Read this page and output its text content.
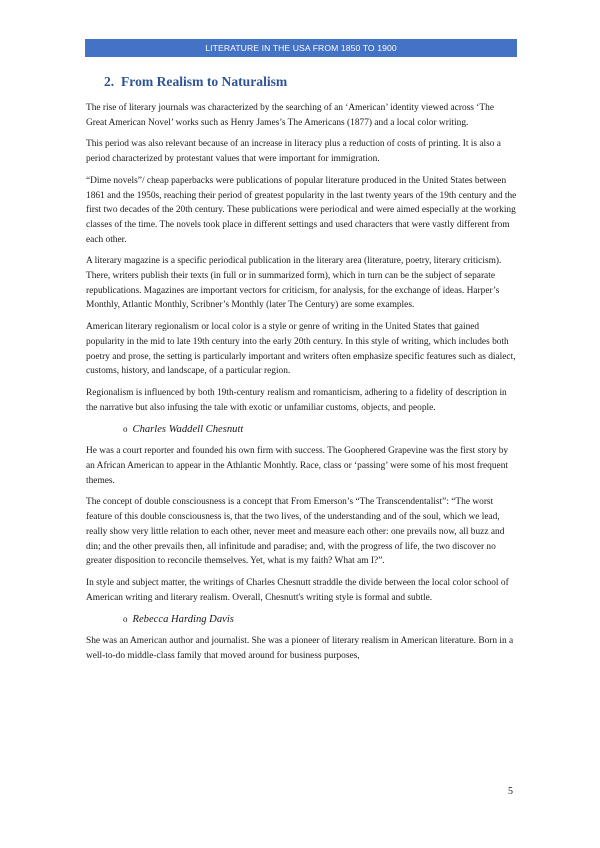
LITERATURE IN THE USA FROM 1850 TO 1900
2. From Realism to Naturalism

The rise of literary journals was characterized by the searching of an ‘American’ identity viewed across ‘The Great American Novel’ works such as Henry James’s The Americans (1877) and a local color writing.

This period was also relevant because of an increase in literacy plus a reduction of costs of printing. It is also a period characterized by protestant values that were important for immigration.

“Dime novels”/ cheap paperbacks were publications of popular literature produced in the United States between 1861 and the 1950s, reaching their period of greatest popularity in the last twenty years of the 19th century and the first two decades of the 20th century. These publications were periodical and were aimed especially at the working classes of the time. The novels took place in different settings and used characters that were vastly different from each other.

A literary magazine is a specific periodical publication in the literary area (literature, poetry, literary criticism). There, writers publish their texts (in full or in summarized form), which in turn can be the subject of separate republications. Magazines are important vectors for criticism, for analysis, for the exchange of ideas. Harper’s Monthly, Atlantic Monthly, Scribner’s Monthly (later The Century) are some examples.

American literary regionalism or local color is a style or genre of writing in the United States that gained popularity in the mid to late 19th century into the early 20th century. In this style of writing, which includes both poetry and prose, the setting is particularly important and writers often emphasize specific features such as dialect, customs, history, and landscape, of a particular region.

Regionalism is influenced by both 19th-century realism and romanticism, adhering to a fidelity of description in the narrative but also infusing the tale with exotic or unfamiliar customs, objects, and people.

o Charles Waddell Chesnutt

He was a court reporter and founded his own firm with success. The Goophered Grapevine was the first story by an African American to appear in the Athlantic Monhtly. Race, class or ‘passing’ were some of his most frequent themes.

The concept of double consciousness is a concept that From Emerson’s “The Transcendentalist”: “The worst feature of this double consciousness is, that the two lives, of the understanding and of the soul, which we lead, really show very little relation to each other, never meet and measure each other: one prevails now, all buzz and din; and the other prevails then, all infinitude and paradise; and, with the progress of life, the two discover no greater disposition to reconcile themselves. Yet, what is my faith? What am I?”.

In style and subject matter, the writings of Charles Chesnutt straddle the divide between the local color school of American writing and literary realism. Overall, Chesnutt's writing style is formal and subtle.

o Rebecca Harding Davis

She was an American author and journalist. She was a pioneer of literary realism in American literature. Born in a well-to-do middle-class family that moved around for business purposes,

5
